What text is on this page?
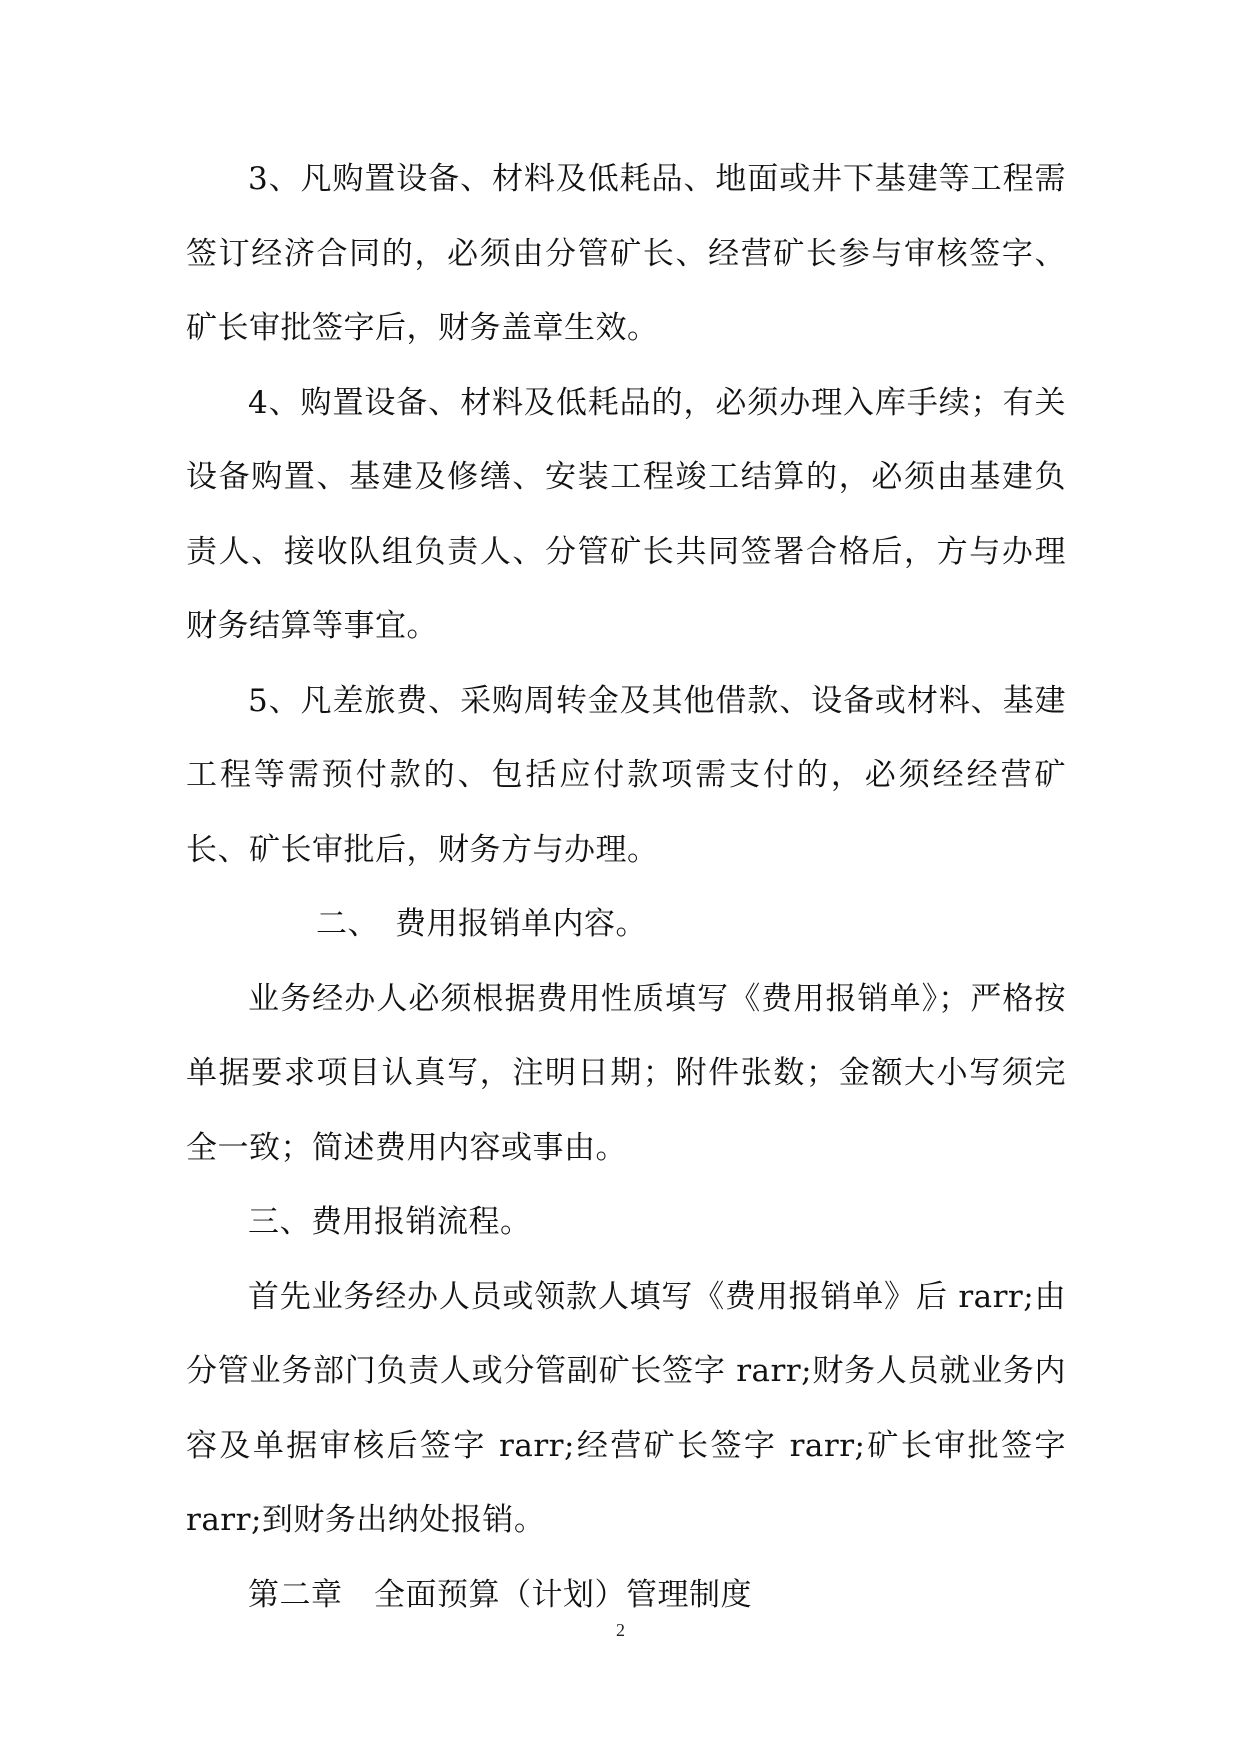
3、凡购置设备、材料及低耗品、地面或井下基建等工程需签订经济合同的，必须由分管矿长、经营矿长参与审核签字、矿长审批签字后，财务盖章生效。

4、购置设备、材料及低耗品的，必须办理入库手续；有关设备购置、基建及修缮、安装工程竣工结算的，必须由基建负责人、接收队组负责人、分管矿长共同签署合格后，方与办理财务结算等事宜。

5、凡差旅费、采购周转金及其他借款、设备或材料、基建工程等需预付款的、包括应付款项需支付的，必须经经营矿长、矿长审批后，财务方与办理。

二、　费用报销单内容。

业务经办人必须根据费用性质填写《费用报销单》；严格按单据要求项目认真写，注明日期；附件张数；金额大小写须完全一致；简述费用内容或事由。

三、费用报销流程。

首先业务经办人员或领款人填写《费用报销单》后 rarr;由分管业务部门负责人或分管副矿长签字 rarr;财务人员就业务内容及单据审核后签字 rarr;经营矿长签字 rarr;矿长审批签字 rarr;到财务出纳处报销。

第二章　全面预算（计划）管理制度

2
